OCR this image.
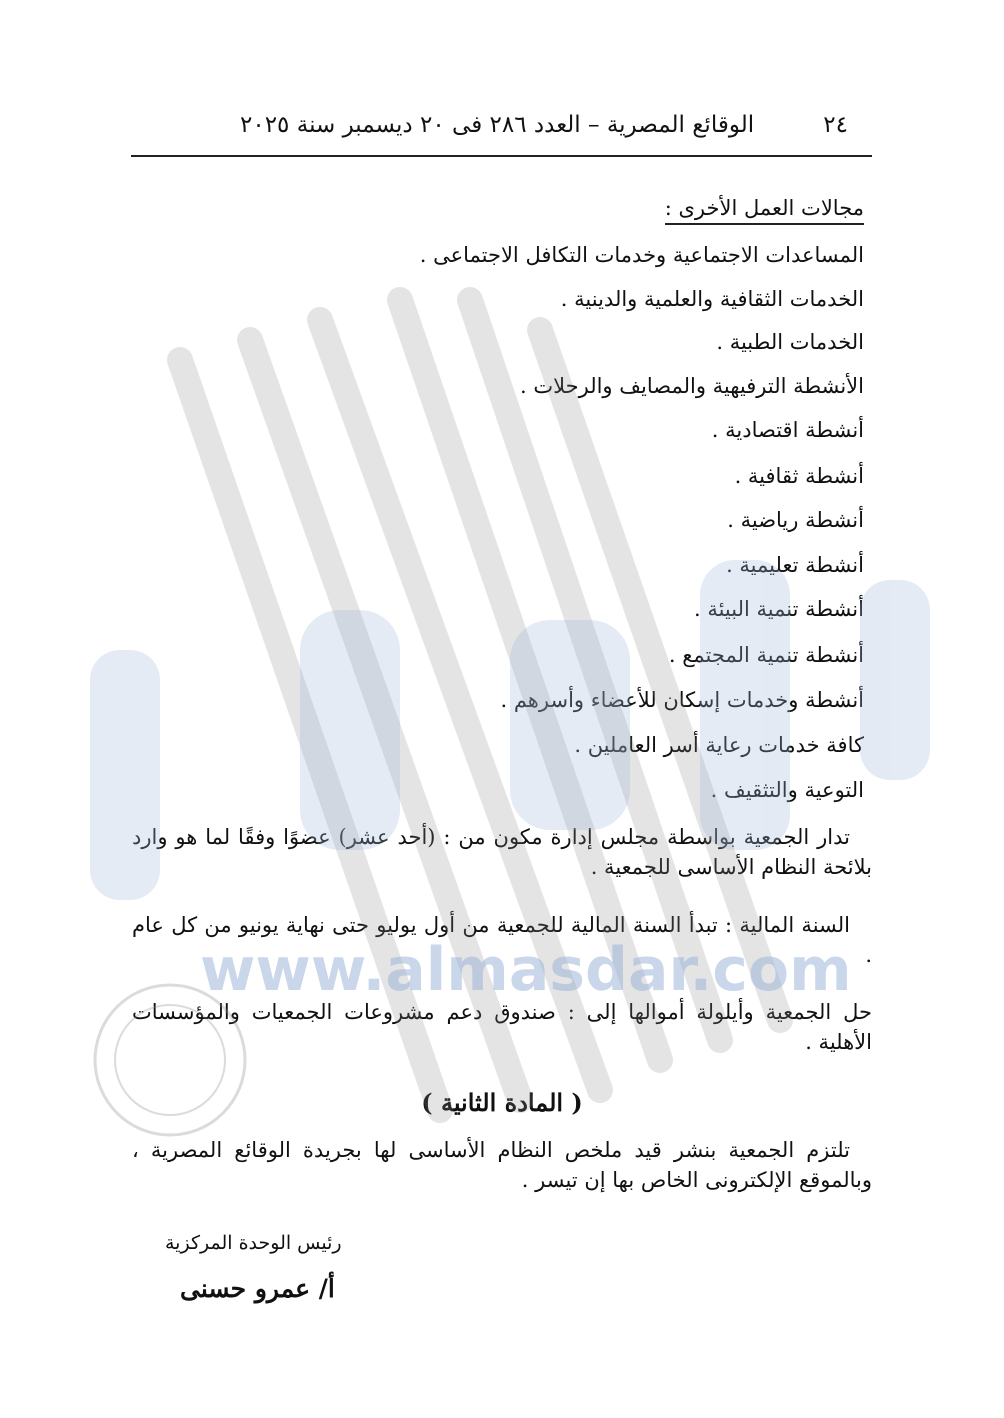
٢٤
الوقائع المصرية – العدد ٢٨٦ فى ٢٠ ديسمبر سنة ٢٠٢٥
مجالات العمل الأخرى :
المساعدات الاجتماعية وخدمات التكافل الاجتماعى .
الخدمات الثقافية والعلمية والدينية .
الخدمات الطبية .
الأنشطة الترفيهية والمصايف والرحلات .
أنشطة اقتصادية .
أنشطة ثقافية .
أنشطة رياضية .
أنشطة تعليمية .
أنشطة تنمية البيئة .
أنشطة تنمية المجتمع .
أنشطة وخدمات إسكان للأعضاء وأسرهم .
كافة خدمات رعاية أسر العاملين .
التوعية والتثقيف .
تدار الجمعية بواسطة مجلس إدارة مكون من : (أحد عشر) عضوًا وفقًا لما هو وارد بلائحة النظام الأساسى للجمعية .
السنة المالية : تبدأ السنة المالية للجمعية من أول يوليو حتى نهاية يونيو من كل عام .
حل الجمعية وأيلولة أموالها إلى : صندوق دعم مشروعات الجمعيات والمؤسسات الأهلية .
( المادة الثانية )
تلتزم الجمعية بنشر قيد ملخص النظام الأساسى لها بجريدة الوقائع المصرية ، وبالموقع الإلكترونى الخاص بها إن تيسر .
رئيس الوحدة المركزية
أ/ عمرو حسنى
www.almasdar.com
